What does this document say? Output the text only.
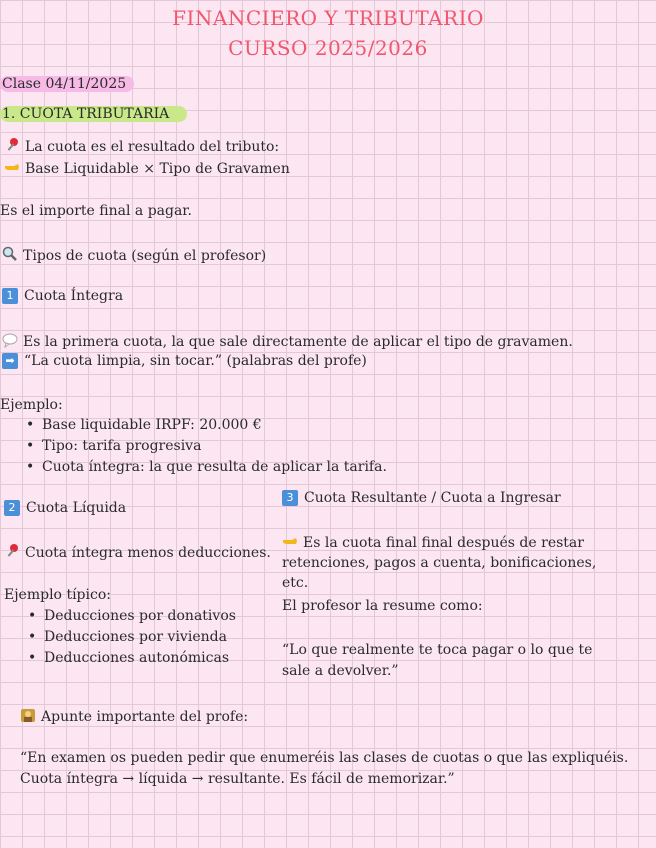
FINANCIERO Y TRIBUTARIO
CURSO 2025/2026
Clase 04/11/2025
1. CUOTA TRIBUTARIA
La cuota es el resultado del tributo:
Base Liquidable × Tipo de Gravamen
Es el importe final a pagar.
Tipos de cuota (según el profesor)
1 Cuota Íntegra
Es la primera cuota, la que sale directamente de aplicar el tipo de gravamen.
➡ “La cuota limpia, sin tocar.” (palabras del profe)
Ejemplo:
• Base liquidable IRPF: 20.000 €
• Tipo: tarifa progresiva
• Cuota íntegra: la que resulta de aplicar la tarifa.
2 Cuota Líquida
Cuota íntegra menos deducciones.
Ejemplo típico:
• Deducciones por donativos
• Deducciones por vivienda
• Deducciones autonómicas
3 Cuota Resultante / Cuota a Ingresar
Es la cuota final final después de restar retenciones, pagos a cuenta, bonificaciones, etc.
El profesor la resume como:
“Lo que realmente te toca pagar o lo que te sale a devolver.”
Apunte importante del profe:
“En examen os pueden pedir que enumeréis las clases de cuotas o que las expliquéis.
Cuota íntegra → líquida → resultante. Es fácil de memorizar.”
